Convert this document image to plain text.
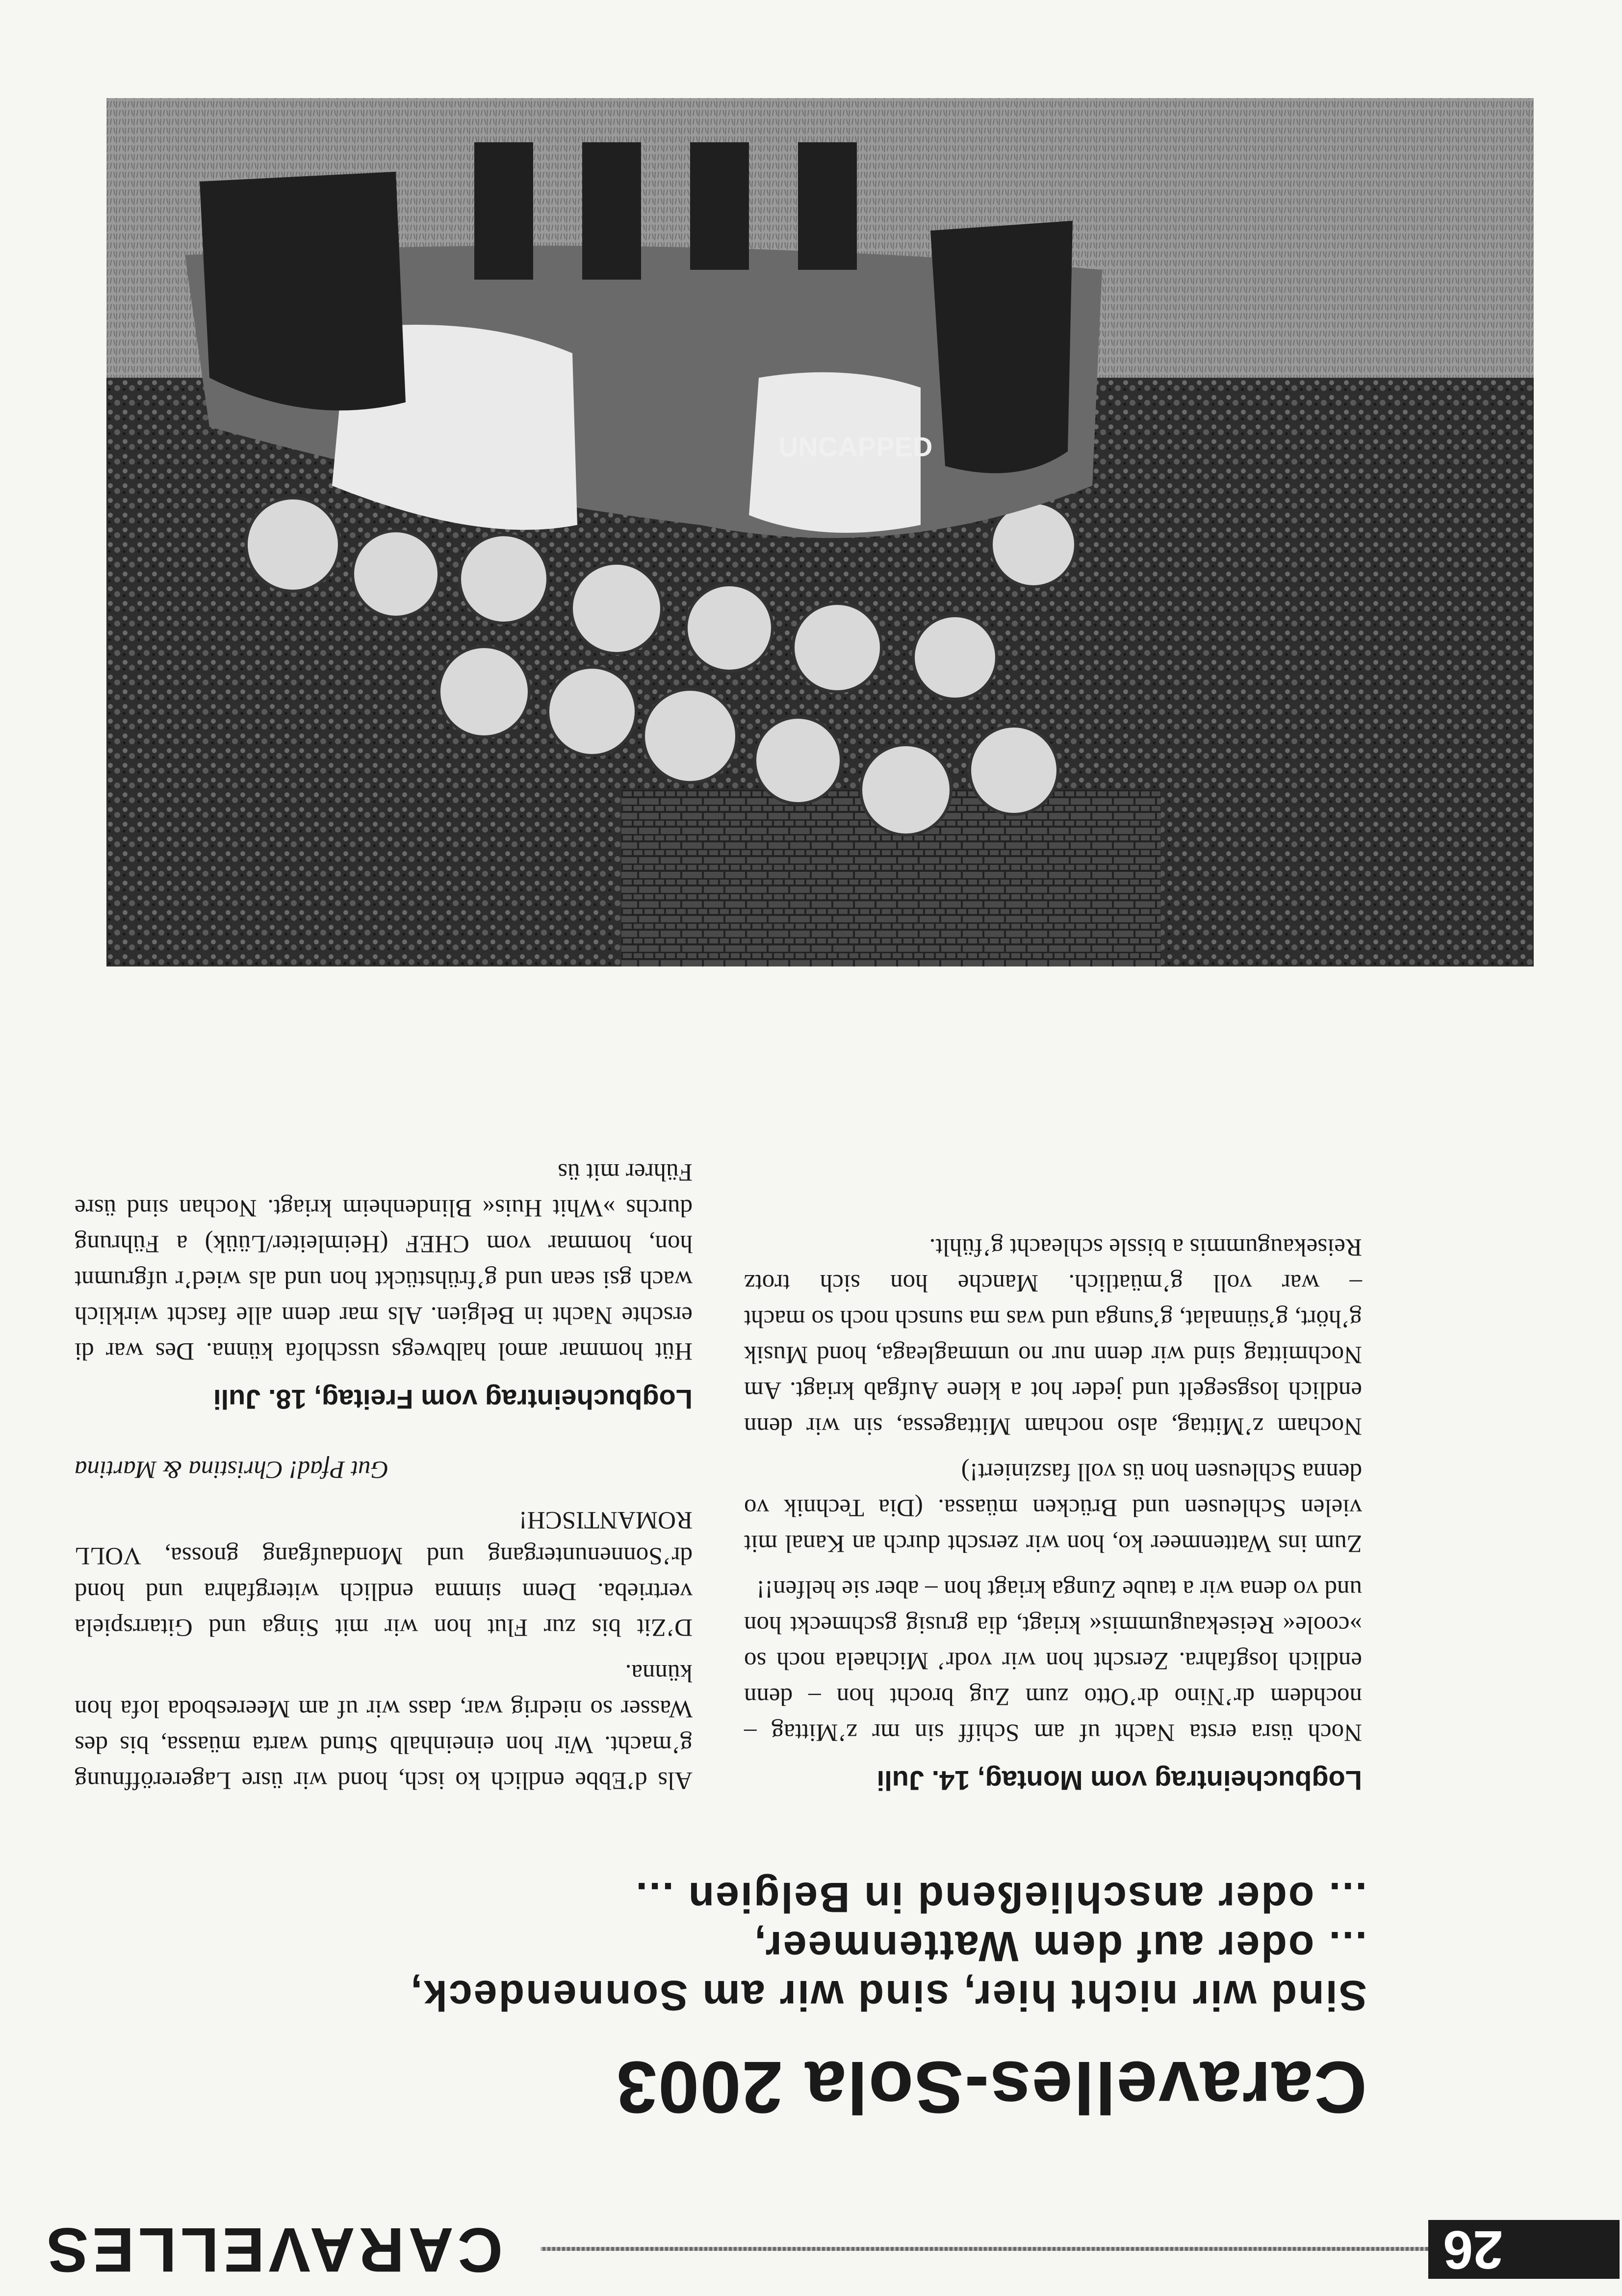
26
CARAVELLES
Caravelles-Sola 2003
Sind wir nicht hier, sind wir am Sonnendeck,
... oder auf dem Wattenmeer,
... oder anschließend in Belgien ...
Logbucheintrag vom Montag, 14. Juli

Noch üsra ersta Nacht uf am Schiff sin mr z’Mittag – nochdem dr’Nino dr’Otto zum Zug brocht hon – denn endlich losgfahra. Zerscht hon wir vodr’ Michaela noch so »coole« Reisekaugummis« kriagt, dia grusig gschmeckt hon und vo dena wir a taube Zunga kriagt hon – aber sie helfen!!

Zum ins Wattenmeer ko, hon wir zerscht durch an Kanal mit vielen Schleusen und Brücken müassa. (Dia Technik vo denna Schleusen hon üs voll fasziniert!)

Nocham z’Mittag, also nocham Mittagessa, sin wir denn endlich losgsegelt und jeder hot a klene Aufgab kriagt. Am Nochmittag sind wir denn nur no ummagleaga, hond Musik g’hört, g’sünnalat, g’sunga und was ma sunsch noch so macht – war voll g’müatlich. Manche hon sich trotz Reisekaugummis a bissle schleacht g’fühlt.

Als d’Ebbe endlich ko isch, hond wir üsre Lagereröffnung g’macht. Wir hon eineinhalb Stund warta müassa, bis des Wasser so niedrig war, dass wir uf am Meeresboda lofa hon künna.

D’Zit bis zur Flut hon wir mit Singa und Gitarrspiela vertrieba. Denn simma endlich witergfahra und hond dr’Sonnenuntergang und Mondaufgang gnossa, VOLL ROMANTISCH!

Gut Pfad! Christina & Martina
Logbucheintrag vom Freitag, 18. Juli

Hüt hommar amol halbwegs usschlofa künna. Des war di erschte Nacht in Belgien. Als mar denn alle fascht wirklich wach gsi sean und g’frühstückt hon und als wied’r ufgrumnt hon, hommar vom CHEF (Heimleiter/Lüük) a Führung durchs »Whit Huis« Blindenheim kriagt. Nochan sind üsre Führer mit üs

UNCAPPED
